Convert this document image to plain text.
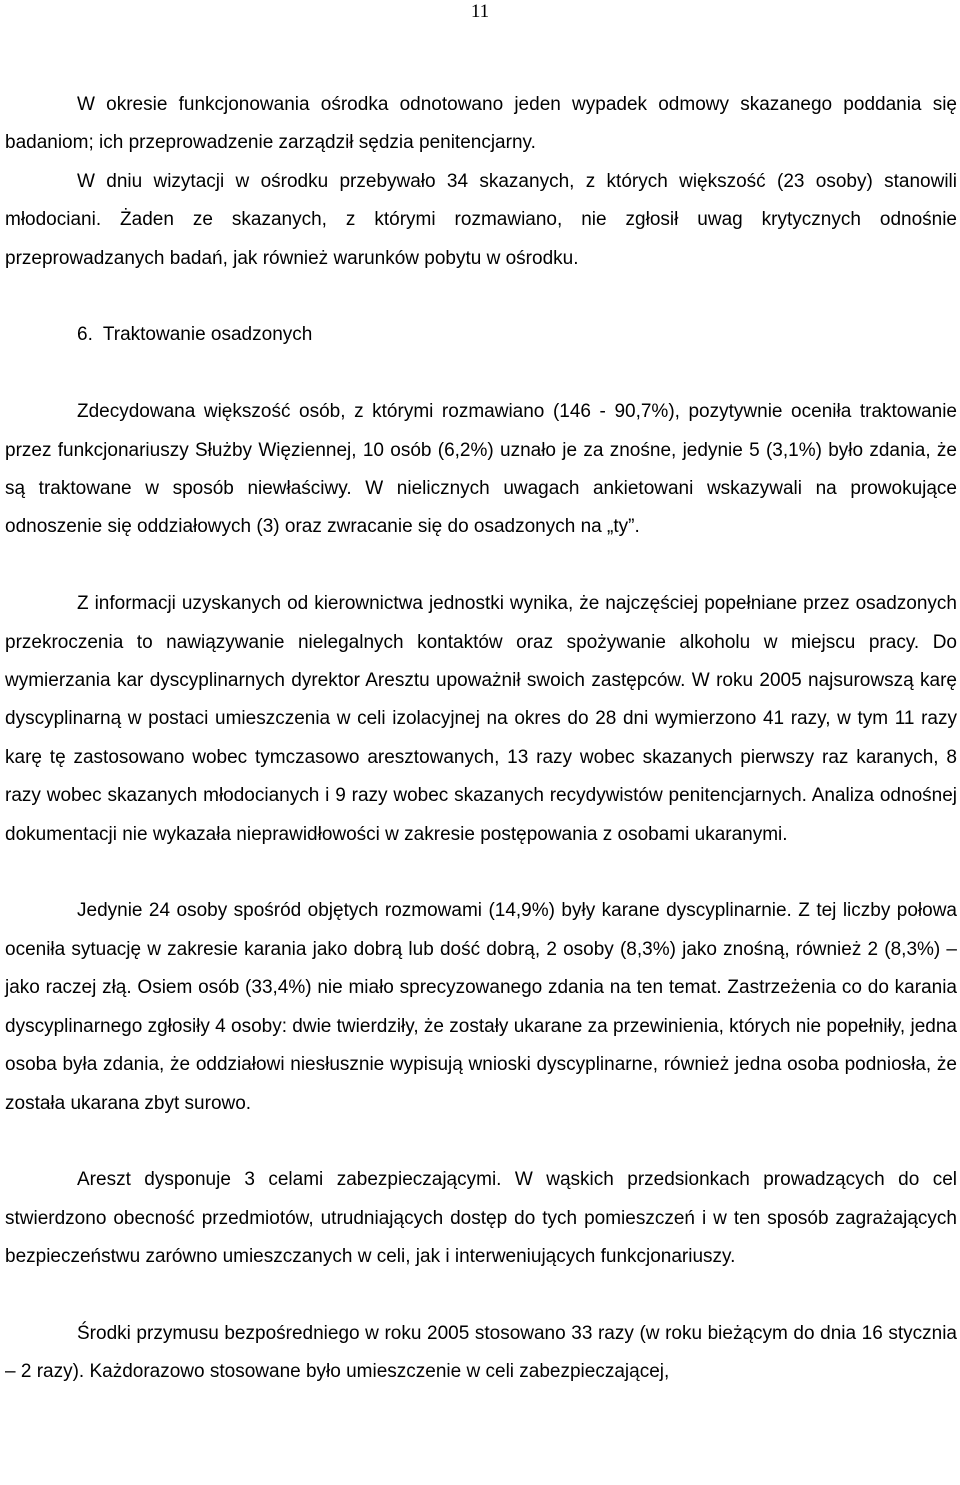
11

W okresie funkcjonowania ośrodka odnotowano jeden wypadek odmowy skazanego poddania się badaniom; ich przeprowadzenie zarządził sędzia penitencjarny.

W dniu wizytacji w ośrodku przebywało 34 skazanych, z których większość (23 osoby) stanowili młodociani. Żaden ze skazanych, z którymi rozmawiano, nie zgłosił uwag krytycznych odnośnie przeprowadzanych badań, jak również warunków pobytu w ośrodku.

6. Traktowanie osadzonych

Zdecydowana większość osób, z którymi rozmawiano (146 - 90,7%), pozytywnie oceniła traktowanie przez funkcjonariuszy Służby Więziennej, 10 osób (6,2%) uznało je za znośne, jedynie 5 (3,1%) było zdania, że są traktowane w sposób niewłaściwy. W nielicznych uwagach ankietowani wskazywali na prowokujące odnoszenie się oddziałowych (3) oraz zwracanie się do osadzonych na „ty”.

Z informacji uzyskanych od kierownictwa jednostki wynika, że najczęściej popełniane przez osadzonych przekroczenia to nawiązywanie nielegalnych kontaktów oraz spożywanie alkoholu w miejscu pracy. Do wymierzania kar dyscyplinarnych dyrektor Aresztu upoważnił swoich zastępców. W roku 2005 najsurowszą karę dyscyplinarną w postaci umieszczenia w celi izolacyjnej na okres do 28 dni wymierzono 41 razy, w tym 11 razy karę tę zastosowano wobec tymczasowo aresztowanych, 13 razy wobec skazanych pierwszy raz karanych, 8 razy wobec skazanych młodocianych i 9 razy wobec skazanych recydywistów penitencjarnych. Analiza odnośnej dokumentacji nie wykazała nieprawidłowości w zakresie postępowania z osobami ukaranymi.

Jedynie 24 osoby spośród objętych rozmowami (14,9%) były karane dyscyplinarnie. Z tej liczby połowa oceniła sytuację w zakresie karania jako dobrą lub dość dobrą, 2 osoby (8,3%) jako znośną, również 2 (8,3%) – jako raczej złą. Osiem osób (33,4%) nie miało sprecyzowanego zdania na ten temat. Zastrzeżenia co do karania dyscyplinarnego zgłosiły 4 osoby: dwie twierdziły, że zostały ukarane za przewinienia, których nie popełniły, jedna osoba była zdania, że oddziałowi niesłusznie wypisują wnioski dyscyplinarne, również jedna osoba podniosła, że została ukarana zbyt surowo.

Areszt dysponuje 3 celami zabezpieczającymi. W wąskich przedsionkach prowadzących do cel stwierdzono obecność przedmiotów, utrudniających dostęp do tych pomieszczeń i w ten sposób zagrażających bezpieczeństwu zarówno umieszczanych w celi, jak i interweniujących funkcjonariuszy.

Środki przymusu bezpośredniego w roku 2005 stosowano 33 razy (w roku bieżącym do dnia 16 stycznia – 2 razy). Każdorazowo stosowane było umieszczenie w celi zabezpieczającej,
